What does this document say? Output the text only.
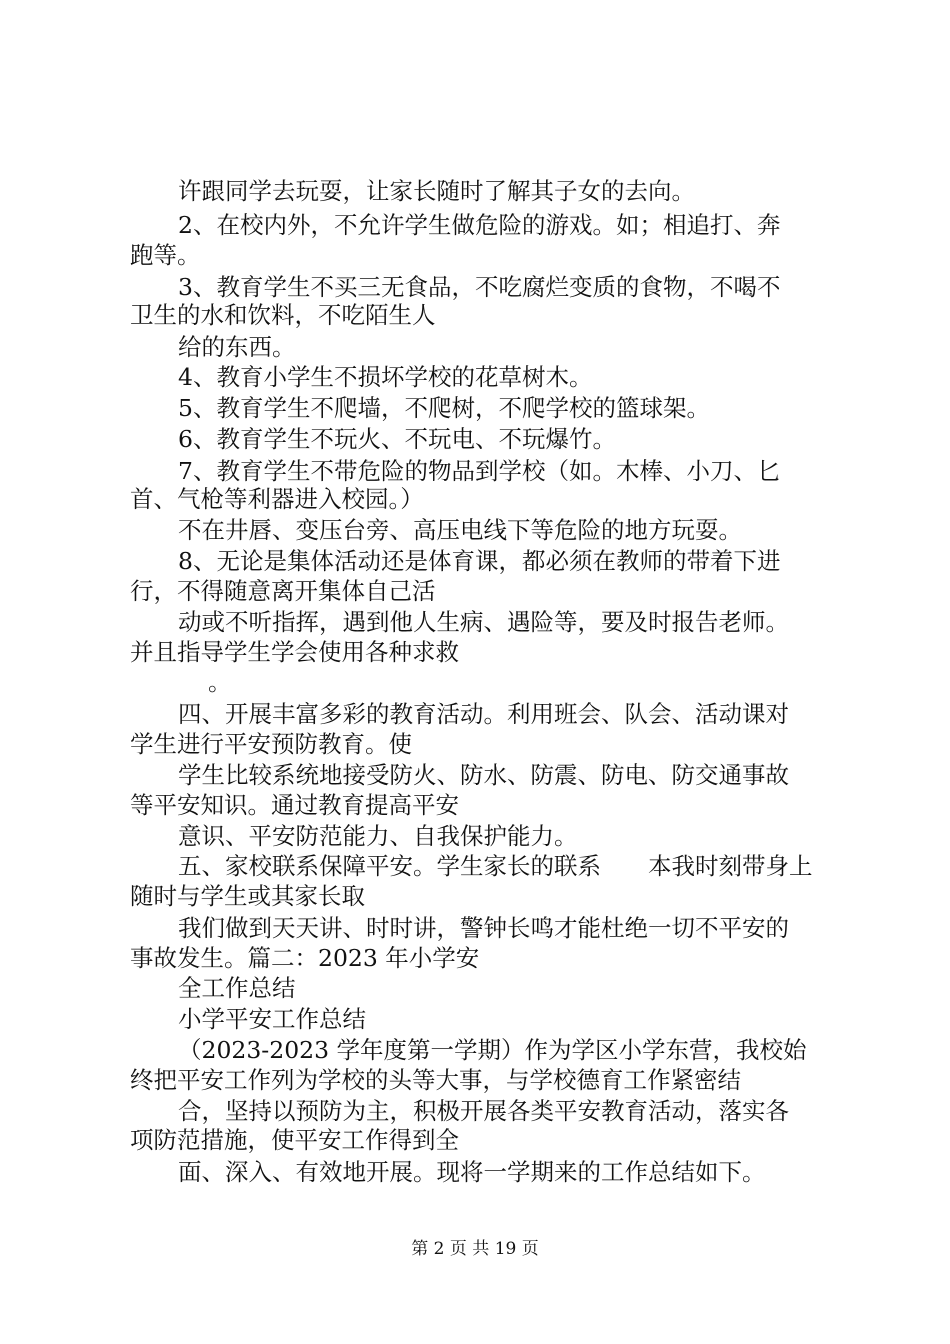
许跟同学去玩耍，让家长随时了解其子女的去向。

2、在校内外，不允许学生做危险的游戏。如；相追打、奔

跑等。

3、教育学生不买三无食品，不吃腐烂变质的食物，不喝不

卫生的水和饮料，不吃陌生人

给的东西。

4、教育小学生不损坏学校的花草树木。

5、教育学生不爬墙，不爬树，不爬学校的篮球架。

6、教育学生不玩火、不玩电、不玩爆竹。

7、教育学生不带危险的物品到学校（如。木棒、小刀、匕

首、气枪等利器进入校园。）

不在井唇、变压台旁、高压电线下等危险的地方玩耍。

8、无论是集体活动还是体育课，都必须在教师的带着下进

行，不得随意离开集体自己活

动或不听指挥，遇到他人生病、遇险等，要及时报告老师。

并且指导学生学会使用各种求救

。

四、开展丰富多彩的教育活动。利用班会、队会、活动课对

学生进行平安预防教育。使

学生比较系统地接受防火、防水、防震、防电、防交通事故

等平安知识。通过教育提高平安

意识、平安防范能力、自我保护能力。

五、家校联系保障平安。学生家长的联系　　本我时刻带身上

随时与学生或其家长取

我们做到天天讲、时时讲，警钟长鸣才能杜绝一切不平安的

事故发生。篇二：2023 年小学安

全工作总结

小学平安工作总结

（2023-2023 学年度第一学期）作为学区小学东营，我校始

终把平安工作列为学校的头等大事，与学校德育工作紧密结

合，坚持以预防为主，积极开展各类平安教育活动，落实各

项防范措施，使平安工作得到全

面、深入、有效地开展。现将一学期来的工作总结如下。

第 2 页 共 19 页
